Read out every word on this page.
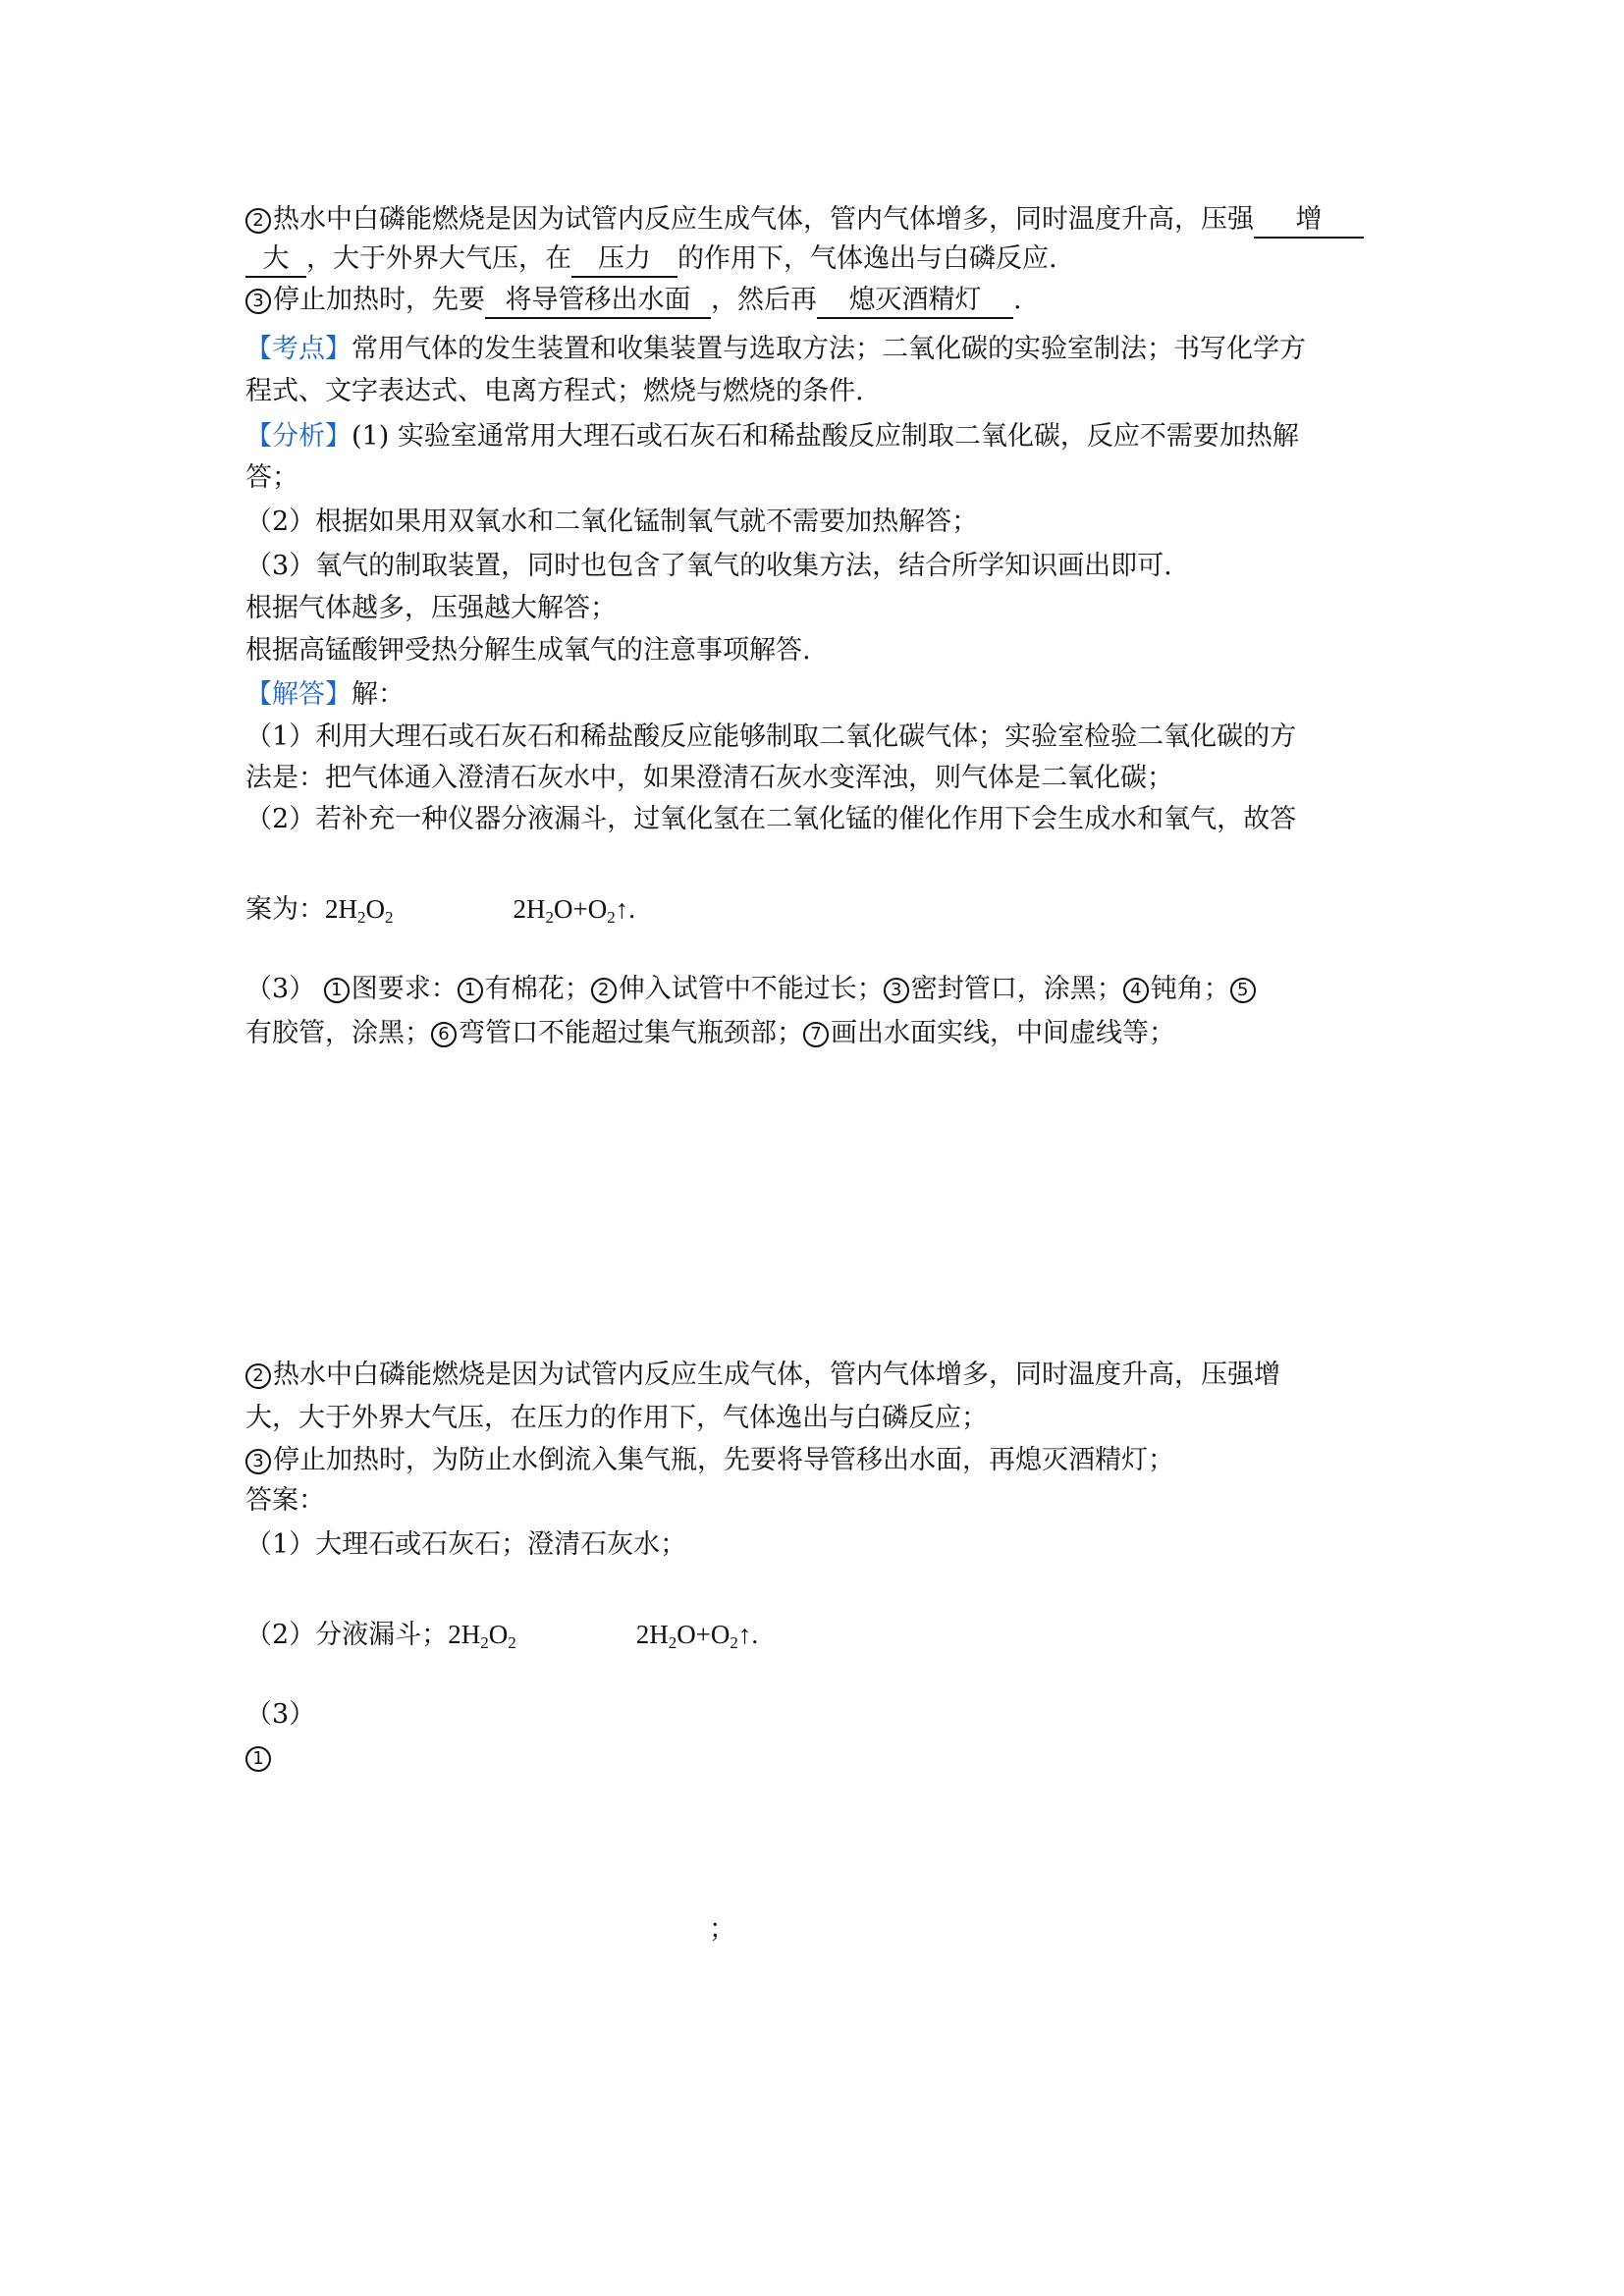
2 热水中白磷能燃烧是因为试管内反应生成气体，管内气体增多，同时温度升高，压强 增
大 ，大于外界大气压，在 压力 的作用下，气体逸出与白磷反应.
3 停止加热时，先要 将导管移出水面 ，然后再 熄灭酒精灯 .
【考点】常用气体的发生装置和收集装置与选取方法；二氧化碳的实验室制法；书写化学方
程式、文字表达式、电离方程式；燃烧与燃烧的条件.
【分析】(1) 实验室通常用大理石或石灰石和稀盐酸反应制取二氧化碳，反应不需要加热解
答；
（2）根据如果用双氧水和二氧化锰制氧气就不需要加热解答；
（3）氧气的制取装置，同时也包含了氧气的收集方法，结合所学知识画出即可.
根据气体越多，压强越大解答；
根据高锰酸钾受热分解生成氧气的注意事项解答.
【解答】解：
（1）利用大理石或石灰石和稀盐酸反应能够制取二氧化碳气体；实验室检验二氧化碳的方
法是：把气体通入澄清石灰水中，如果澄清石灰水变浑浊，则气体是二氧化碳；
（2）若补充一种仪器分液漏斗，过氧化氢在二氧化锰的催化作用下会生成水和氧气，故答
案为：$2H_2O_2$	$2H_2O+O_2↑$.
（3） 1 图要求： 1 有棉花； 2 伸入试管中不能过长； 3 密封管口，涂黑； 4 钝角； 5
有胶管，涂黑； 6 弯管口不能超过集气瓶颈部； 7 画出水面实线，中间虚线等；
2 热水中白磷能燃烧是因为试管内反应生成气体，管内气体增多，同时温度升高，压强增
大，大于外界大气压，在压力的作用下，气体逸出与白磷反应；
3 停止加热时，为防止水倒流入集气瓶，先要将导管移出水面，再熄灭酒精灯；
答案：
（1）大理石或石灰石；澄清石灰水；
（2）分液漏斗；$2H_2O_2$	$2H_2O+O_2↑$.
（3）
1
；
